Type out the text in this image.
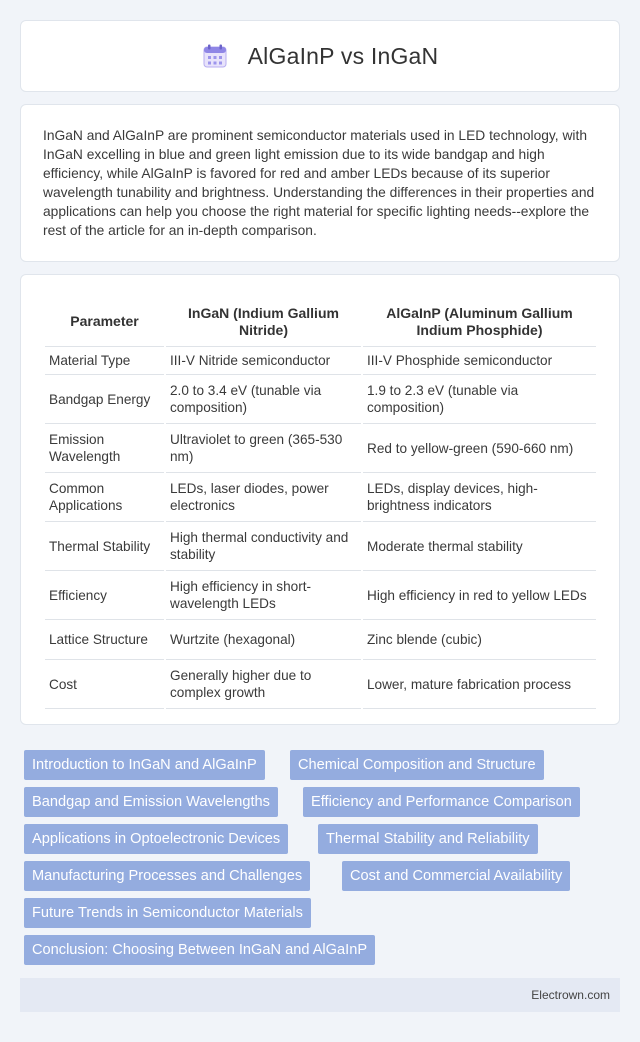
AlGaInP vs InGaN

InGaN and AlGaInP are prominent semiconductor materials used in LED technology, with InGaN excelling in blue and green light emission due to its wide bandgap and high efficiency, while AlGaInP is favored for red and amber LEDs because of its superior wavelength tunability and brightness. Understanding the differences in their properties and applications can help you choose the right material for specific lighting needs--explore the rest of the article for an in-depth comparison.

Parameter	InGaN (Indium Gallium Nitride)	AlGaInP (Aluminum Gallium Indium Phosphide)
Material Type	III-V Nitride semiconductor	III-V Phosphide semiconductor
Bandgap Energy	2.0 to 3.4 eV (tunable via composition)	1.9 to 2.3 eV (tunable via composition)
Emission Wavelength	Ultraviolet to green (365-530 nm)	Red to yellow-green (590-660 nm)
Common Applications	LEDs, laser diodes, power electronics	LEDs, display devices, high-brightness indicators
Thermal Stability	High thermal conductivity and stability	Moderate thermal stability
Efficiency	High efficiency in short-wavelength LEDs	High efficiency in red to yellow LEDs
Lattice Structure	Wurtzite (hexagonal)	Zinc blende (cubic)
Cost	Generally higher due to complex growth	Lower, mature fabrication process
Introduction to InGaN and AlGaInP	Chemical Composition and Structure
Bandgap and Emission Wavelengths	Efficiency and Performance Comparison
Applications in Optoelectronic Devices	Thermal Stability and Reliability
Manufacturing Processes and Challenges	Cost and Commercial Availability
Future Trends in Semiconductor Materials
Conclusion: Choosing Between InGaN and AlGaInP
Electrown.com
